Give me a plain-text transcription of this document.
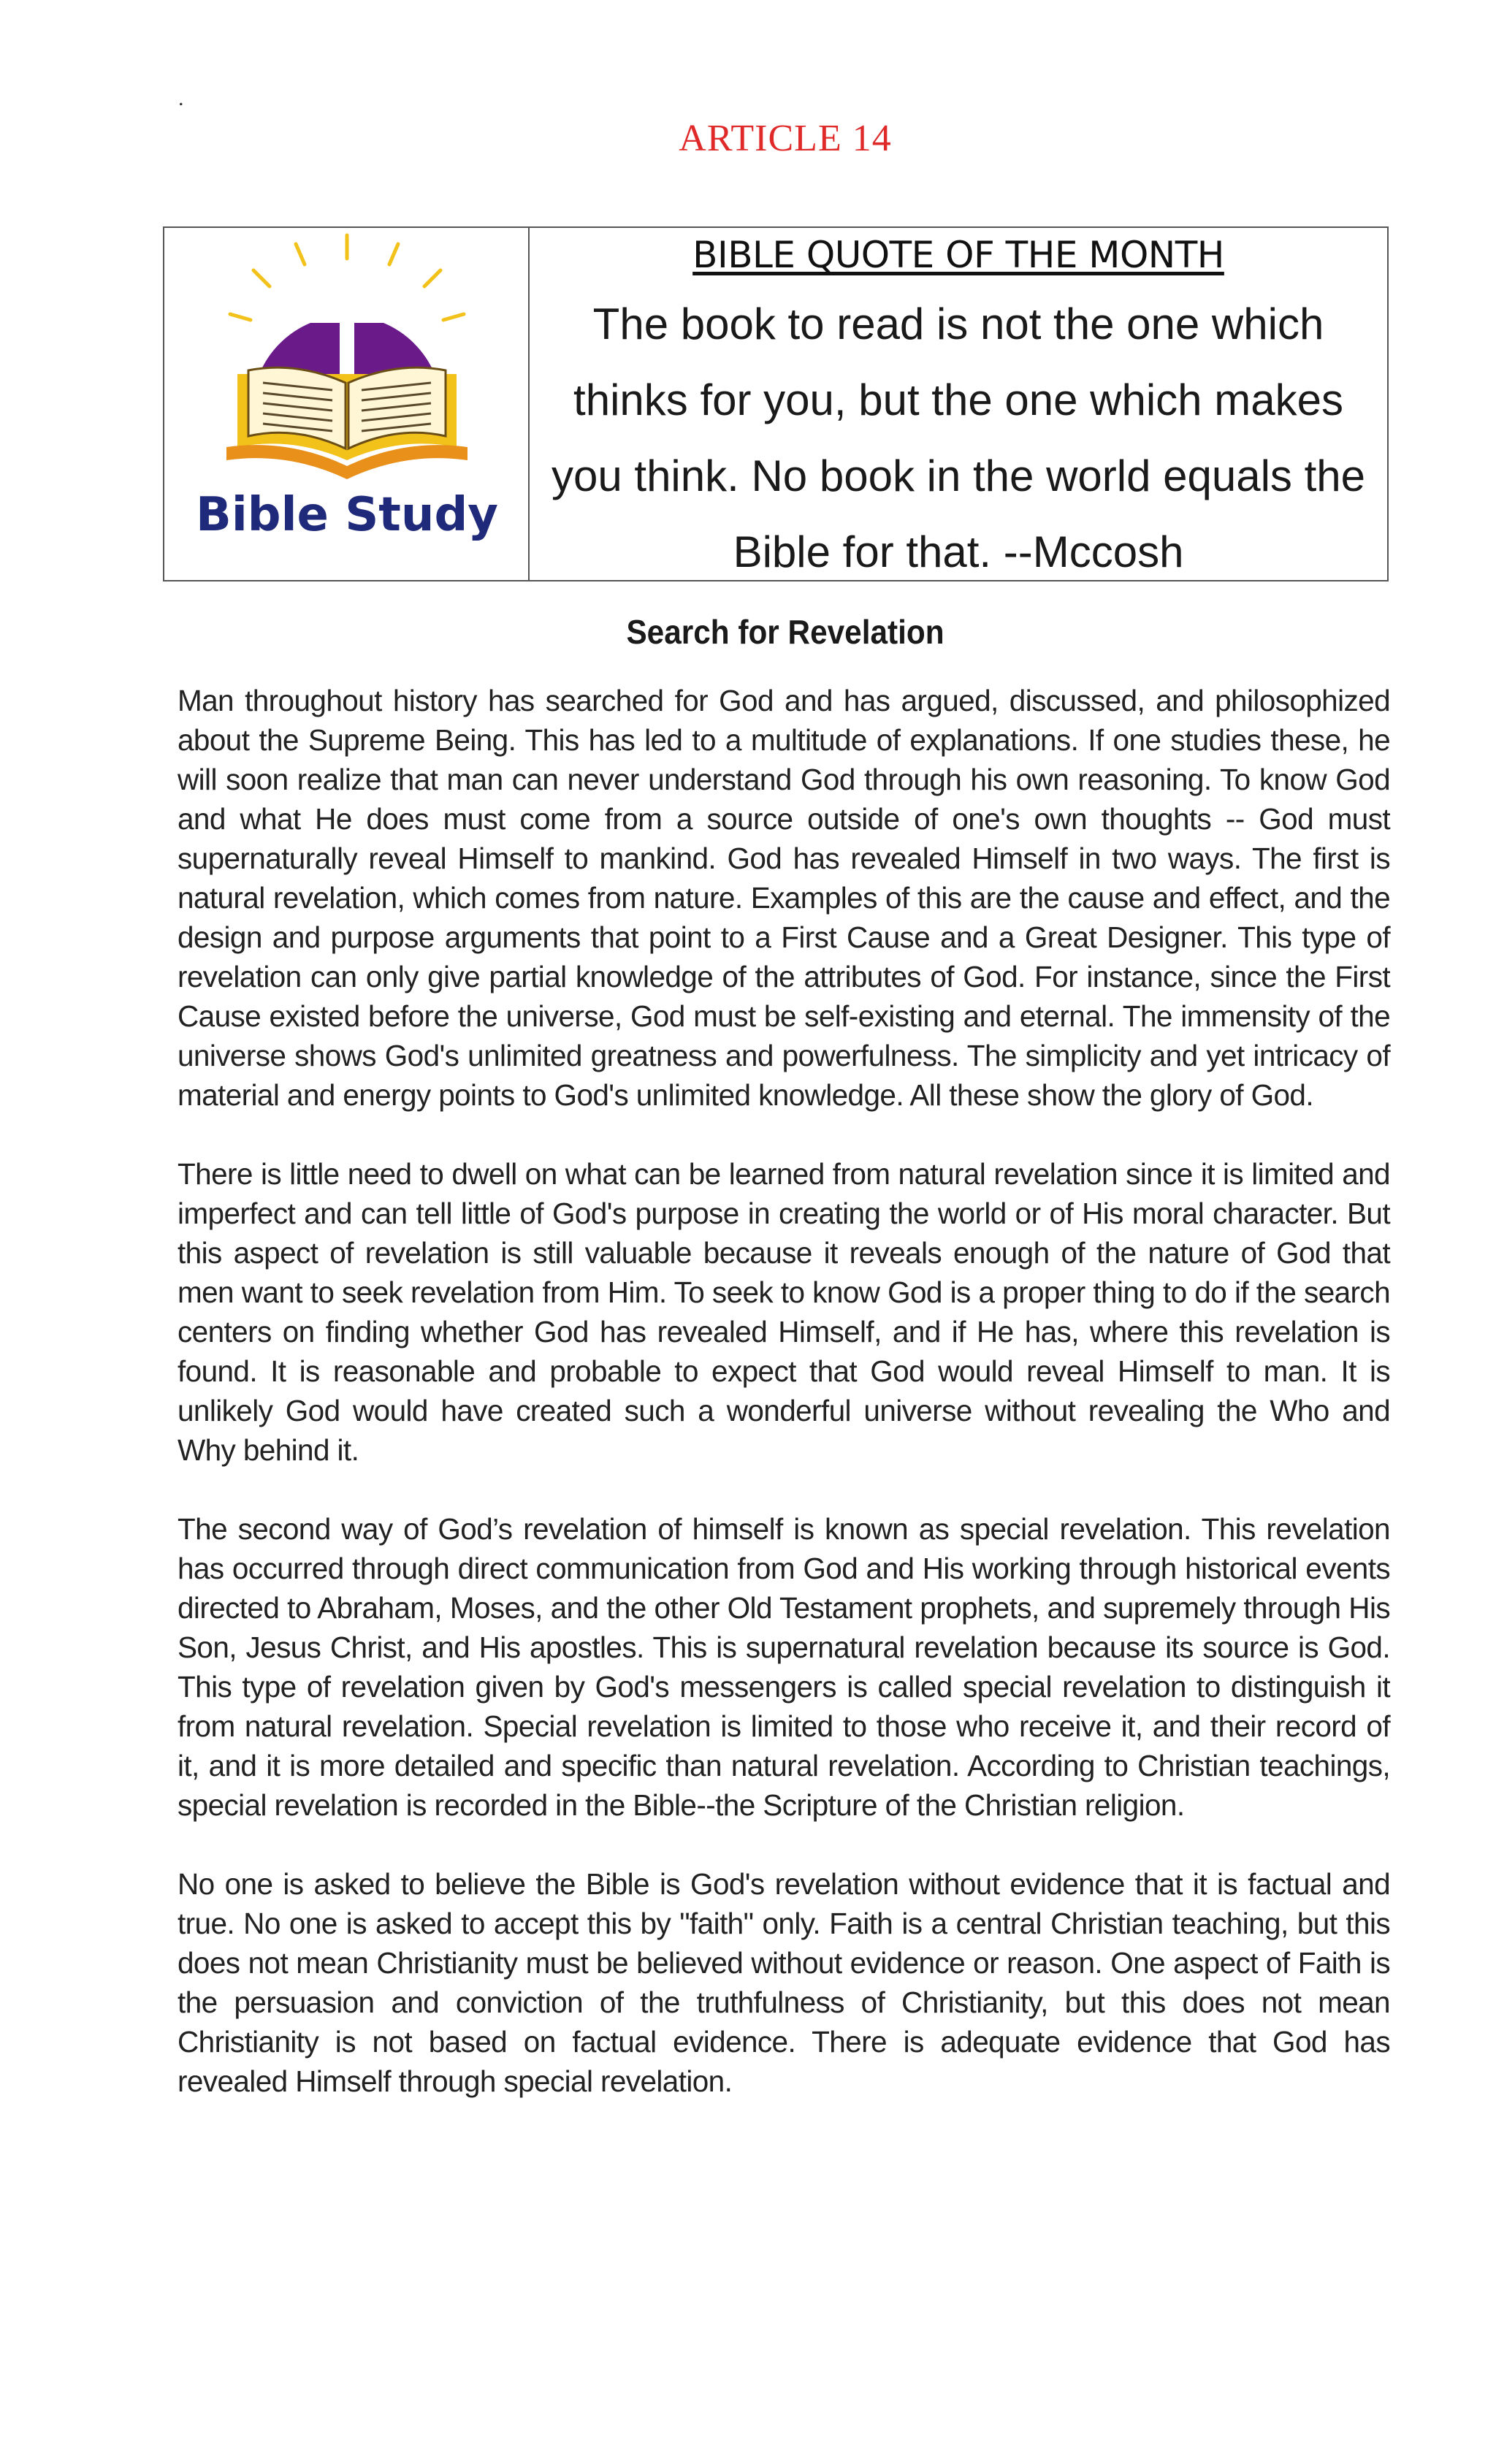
.
ARTICLE 14
Bible Study
BIBLE QUOTE OF THE MONTH
The book to read is not the one which thinks for you, but the one which makes you think. No book in the world equals the Bible for that. --Mccosh
Search for Revelation

Man throughout history has searched for God and has argued, discussed, and philosophized about the Supreme Being. This has led to a multitude of explanations. If one studies these, he will soon realize that man can never understand God through his own reasoning. To know God and what He does must come from a source outside of one's own thoughts -- God must supernaturally reveal Himself to mankind. God has revealed Himself in two ways. The first is natural revelation, which comes from nature. Examples of this are the cause and effect, and the design and purpose arguments that point to a First Cause and a Great Designer. This type of revelation can only give partial knowledge of the attributes of God. For instance, since the First Cause existed before the universe, God must be self-existing and eternal. The immensity of the universe shows God's unlimited greatness and powerfulness. The simplicity and yet intricacy of material and energy points to God's unlimited knowledge. All these show the glory of God.

There is little need to dwell on what can be learned from natural revelation since it is limited and imperfect and can tell little of God's purpose in creating the world or of His moral character. But this aspect of revelation is still valuable because it reveals enough of the nature of God that men want to seek revelation from Him. To seek to know God is a proper thing to do if the search centers on finding whether God has revealed Himself, and if He has, where this revelation is found. It is reasonable and probable to expect that God would reveal Himself to man. It is unlikely God would have created such a wonderful universe without revealing the Who and Why behind it.

The second way of God’s revelation of himself is known as special revelation. This revelation has occurred through direct communication from God and His working through historical events directed to Abraham, Moses, and the other Old Testament prophets, and supremely through His Son, Jesus Christ, and His apostles. This is supernatural revelation because its source is God. This type of revelation given by God's messengers is called special revelation to distinguish it from natural revelation. Special revelation is limited to those who receive it, and their record of it, and it is more detailed and specific than natural revelation. According to Christian teachings, special revelation is recorded in the Bible--the Scripture of the Christian religion.

No one is asked to believe the Bible is God's revelation without evidence that it is factual and true. No one is asked to accept this by "faith" only. Faith is a central Christian teaching, but this does not mean Christianity must be believed without evidence or reason. One aspect of Faith is the persuasion and conviction of the truthfulness of Christianity, but this does not mean Christianity is not based on factual evidence. There is adequate evidence that God has revealed Himself through special revelation.
